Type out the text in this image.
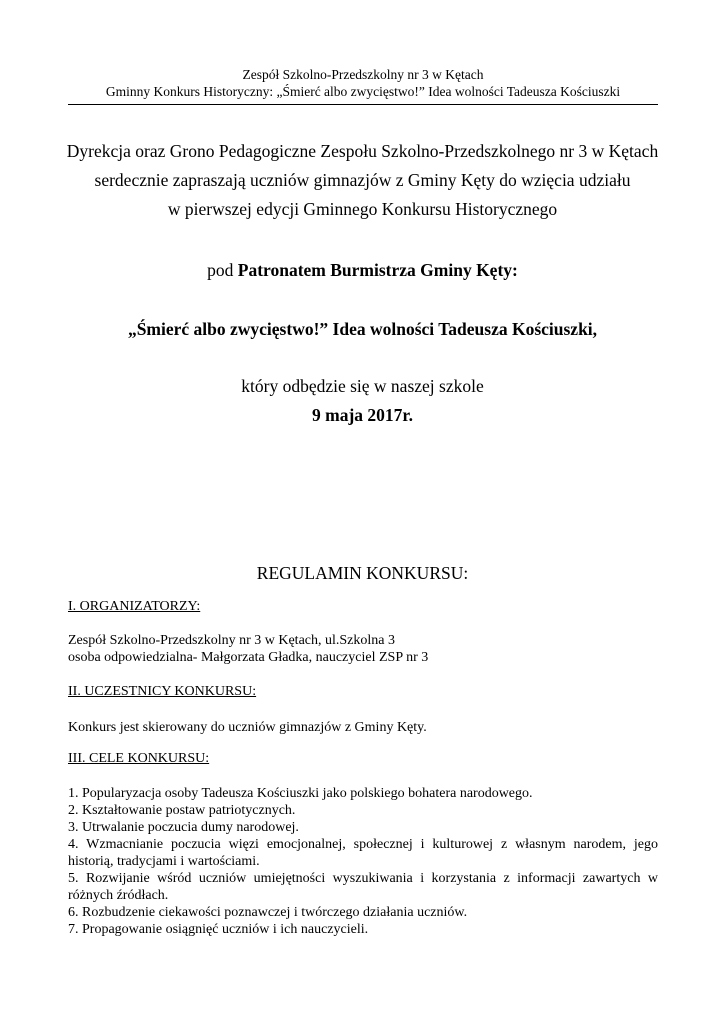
Zespół Szkolno-Przedszkolny nr 3 w Kętach
Gminny Konkurs Historyczny: „Śmierć albo zwycięstwo!” Idea wolności Tadeusza Kościuszki
Dyrekcja oraz Grono Pedagogiczne Zespołu Szkolno-Przedszkolnego nr 3 w Kętach
serdecznie zapraszają uczniów gimnazjów z Gminy Kęty do wzięcia udziału
w pierwszej edycji Gminnego Konkursu Historycznego
pod Patronatem Burmistrza Gminy Kęty:
„Śmierć albo zwycięstwo!” Idea wolności Tadeusza Kościuszki,
który odbędzie się w naszej szkole
9 maja 2017r.
REGULAMIN KONKURSU:
I. ORGANIZATORZY:

Zespół Szkolno-Przedszkolny nr 3 w Kętach, ul.Szkolna 3

osoba odpowiedzialna- Małgorzata Gładka, nauczyciel ZSP nr 3

II. UCZESTNICY KONKURSU:
Konkurs jest skierowany do uczniów gimnazjów z Gminy Kęty.
III. CELE KONKURSU:
1. Popularyzacja osoby Tadeusza Kościuszki jako polskiego bohatera narodowego.
2. Kształtowanie postaw patriotycznych.
3. Utrwalanie poczucia dumy narodowej.
4. Wzmacnianie poczucia więzi emocjonalnej, społecznej i kulturowej z własnym narodem, jego historią, tradycjami i wartościami.
5. Rozwijanie wśród uczniów umiejętności wyszukiwania i korzystania z informacji zawartych w różnych źródłach.
6. Rozbudzenie ciekawości poznawczej i twórczego działania uczniów.
7. Propagowanie osiągnięć uczniów i ich nauczycieli.
